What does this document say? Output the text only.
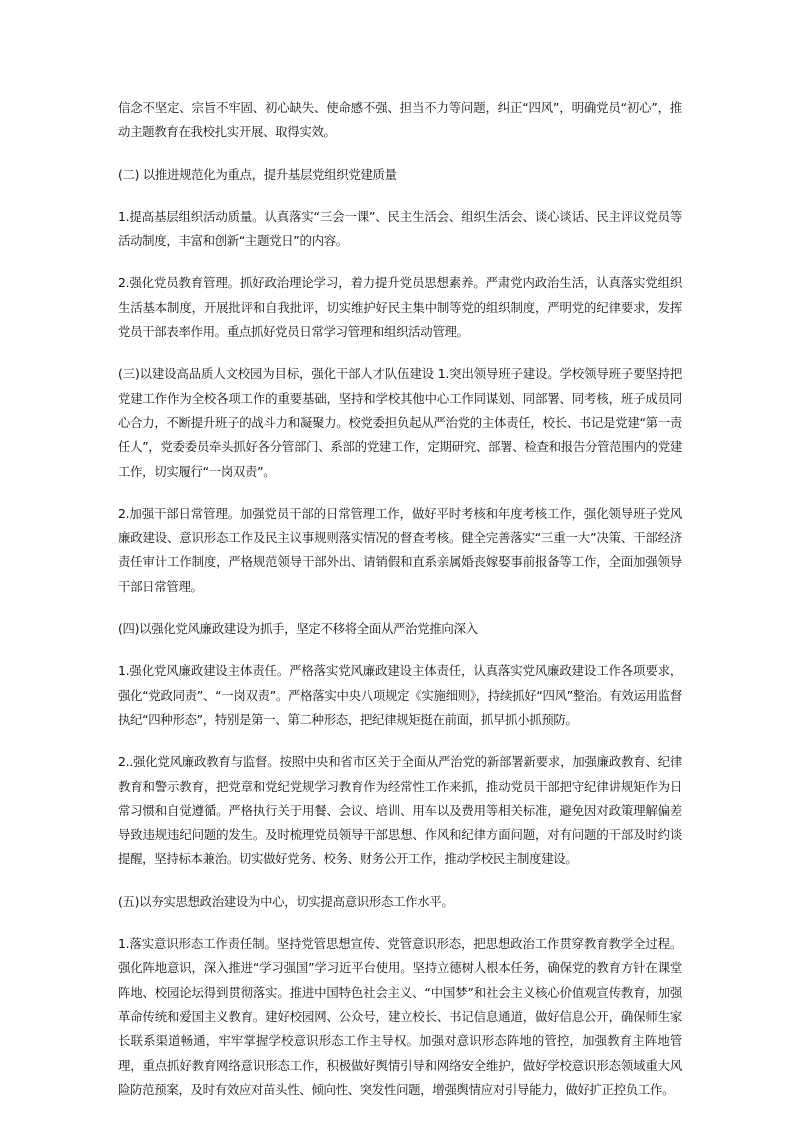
信念不坚定、宗旨不牢固、初心缺失、使命感不强、担当不力等问题，纠正“四风”，明确党员“初心”，推动主题教育在我校扎实开展、取得实效。

(二) 以推进规范化为重点，提升基层党组织党建质量

1.提高基层组织活动质量。认真落实“三会一课”、民主生活会、组织生活会、谈心谈话、民主评议党员等活动制度，丰富和创新“主题党日”的内容。

2.强化党员教育管理。抓好政治理论学习，着力提升党员思想素养。严肃党内政治生活，认真落实党组织生活基本制度，开展批评和自我批评，切实维护好民主集中制等党的组织制度，严明党的纪律要求，发挥党员干部表率作用。重点抓好党员日常学习管理和组织活动管理。

(三)以建设高品质人文校园为目标，强化干部人才队伍建设 1.突出领导班子建设。学校领导班子要坚持把党建工作作为全校各项工作的重要基础，坚持和学校其他中心工作同谋划、同部署、同考核，班子成员同心合力，不断提升班子的战斗力和凝聚力。校党委担负起从严治党的主体责任，校长、书记是党建“第一责任人”，党委委员牵头抓好各分管部门、系部的党建工作，定期研究、部署、检查和报告分管范围内的党建工作，切实履行“一岗双责”。

2.加强干部日常管理。加强党员干部的日常管理工作，做好平时考核和年度考核工作，强化领导班子党风廉政建设、意识形态工作及民主议事规则落实情况的督查考核。健全完善落实“三重一大”决策、干部经济责任审计工作制度，严格规范领导干部外出、请销假和直系亲属婚丧嫁娶事前报备等工作，全面加强领导干部日常管理。

(四)以强化党风廉政建设为抓手，坚定不移将全面从严治党推向深入

1.强化党风廉政建设主体责任。严格落实党风廉政建设主体责任，认真落实党风廉政建设工作各项要求，强化“党政同责”、“一岗双责”。严格落实中央八项规定《实施细则》，持续抓好“四风”整治。有效运用监督执纪“四种形态”，特别是第一、第二种形态，把纪律规矩挺在前面，抓早抓小抓预防。

2..强化党风廉政教育与监督。按照中央和省市区关于全面从严治党的新部署新要求，加强廉政教育、纪律教育和警示教育，把党章和党纪党规学习教育作为经常性工作来抓，推动党员干部把守纪律讲规矩作为日常习惯和自觉遵循。严格执行关于用餐、会议、培训、用车以及费用等相关标准，避免因对政策理解偏差导致违规违纪问题的发生。及时梳理党员领导干部思想、作风和纪律方面问题，对有问题的干部及时约谈提醒，坚持标本兼治。切实做好党务、校务、财务公开工作，推动学校民主制度建设。

(五)以夯实思想政治建设为中心，切实提高意识形态工作水平。

1.落实意识形态工作责任制。坚持党管思想宣传、党管意识形态，把思想政治工作贯穿教育教学全过程。强化阵地意识，深入推进“学习强国”学习近平台使用。坚持立德树人根本任务，确保党的教育方针在课堂阵地、校园论坛得到贯彻落实。推进中国特色社会主义、“中国梦”和社会主义核心价值观宣传教育，加强革命传统和爱国主义教育。建好校园网、公众号，建立校长、书记信息通道，做好信息公开，确保师生家长联系渠道畅通，牢牢掌握学校意识形态工作主导权。加强对意识形态阵地的管控，加强教育主阵地管理，重点抓好教育网络意识形态工作，积极做好舆情引导和网络安全维护，做好学校意识形态领域重大风险防范预案，及时有效应对苗头性、倾向性、突发性问题，增强舆情应对引导能力，做好扩正控负工作。
